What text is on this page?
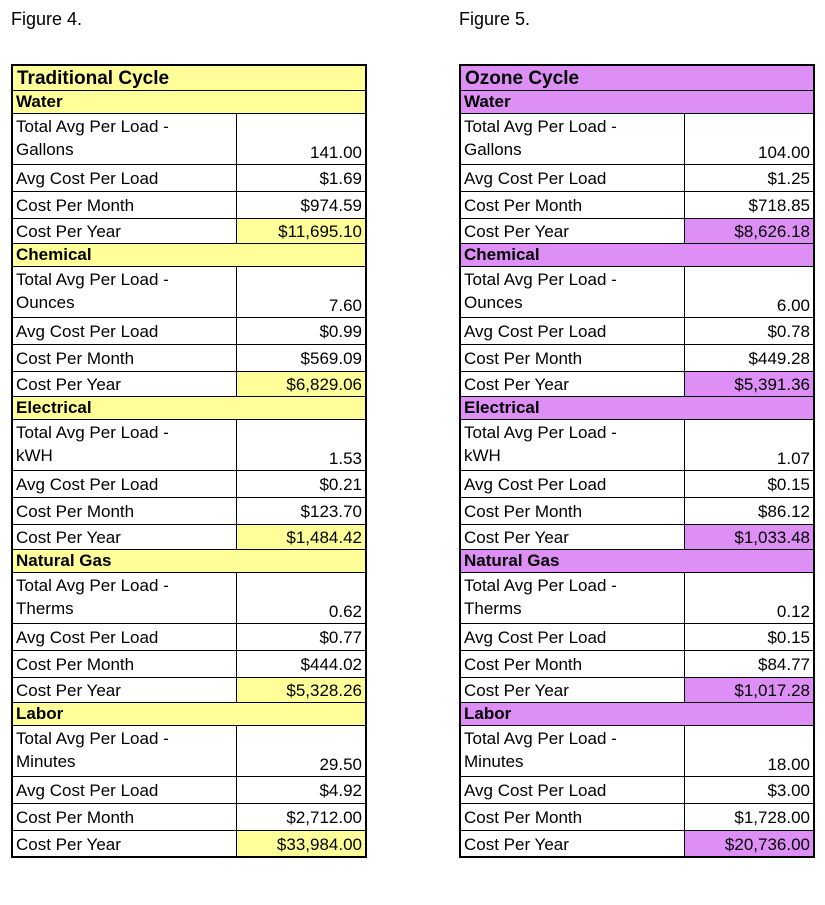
Figure 4.	Figure 5.
Traditional Cycle
Water
Total Avg Per Load -
Gallons	141.00
Avg Cost Per Load	$1.69
Cost Per Month	$974.59
Cost Per Year	$11,695.10
Chemical
Total Avg Per Load -
Ounces	7.60
Avg Cost Per Load	$0.99
Cost Per Month	$569.09
Cost Per Year	$6,829.06
Electrical
Total Avg Per Load -
kWH	1.53
Avg Cost Per Load	$0.21
Cost Per Month	$123.70
Cost Per Year	$1,484.42
Natural Gas
Total Avg Per Load -
Therms	0.62
Avg Cost Per Load	$0.77
Cost Per Month	$444.02
Cost Per Year	$5,328.26
Labor
Total Avg Per Load -
Minutes	29.50
Avg Cost Per Load	$4.92
Cost Per Month	$2,712.00
Cost Per Year	$33,984.00
Ozone Cycle
Water
Total Avg Per Load -
Gallons	104.00
Avg Cost Per Load	$1.25
Cost Per Month	$718.85
Cost Per Year	$8,626.18
Chemical
Total Avg Per Load -
Ounces	6.00
Avg Cost Per Load	$0.78
Cost Per Month	$449.28
Cost Per Year	$5,391.36
Electrical
Total Avg Per Load -
kWH	1.07
Avg Cost Per Load	$0.15
Cost Per Month	$86.12
Cost Per Year	$1,033.48
Natural Gas
Total Avg Per Load -
Therms	0.12
Avg Cost Per Load	$0.15
Cost Per Month	$84.77
Cost Per Year	$1,017.28
Labor
Total Avg Per Load -
Minutes	18.00
Avg Cost Per Load	$3.00
Cost Per Month	$1,728.00
Cost Per Year	$20,736.00
